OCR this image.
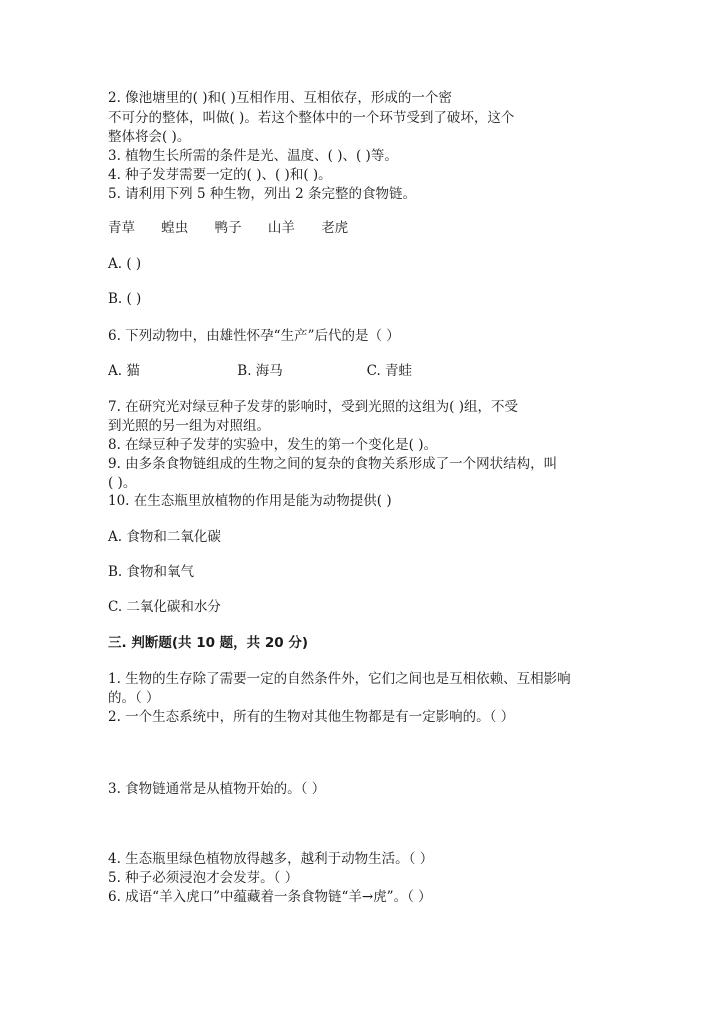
2. 像池塘里的( )和( )互相作用、互相依存，形成的一个密
不可分的整体，叫做( )。若这个整体中的一个环节受到了破坏，这个
整体将会( )。
3. 植物生长所需的条件是光、温度、( )、( )等。
4. 种子发芽需要一定的( )、( )和( )。
5. 请利用下列 5 种生物，列出 2 条完整的食物链。
青草 蝗虫 鸭子 山羊 老虎
A. ( )
B. ( )
6. 下列动物中，由雄性怀孕“生产”后代的是（ ）
A. 猫	B. 海马	C. 青蛙
7. 在研究光对绿豆种子发芽的影响时，受到光照的这组为( )组，不受
到光照的另一组为对照组。
8. 在绿豆种子发芽的实验中，发生的第一个变化是( )。
9. 由多条食物链组成的生物之间的复杂的食物关系形成了一个网状结构，叫
( )。
10. 在生态瓶里放植物的作用是能为动物提供( )
A. 食物和二氧化碳
B. 食物和氧气
C. 二氧化碳和水分
三. 判断题(共 10 题，共 20 分)
1. 生物的生存除了需要一定的自然条件外，它们之间也是互相依赖、互相影响
的。（ ）
2. 一个生态系统中，所有的生物对其他生物都是有一定影响的。（ ）
3. 食物链通常是从植物开始的。（ ）
4. 生态瓶里绿色植物放得越多，越利于动物生活。（ ）
5. 种子必须浸泡才会发芽。（ ）
6. 成语“羊入虎口”中蕴藏着一条食物链“羊→虎”。（ ）
